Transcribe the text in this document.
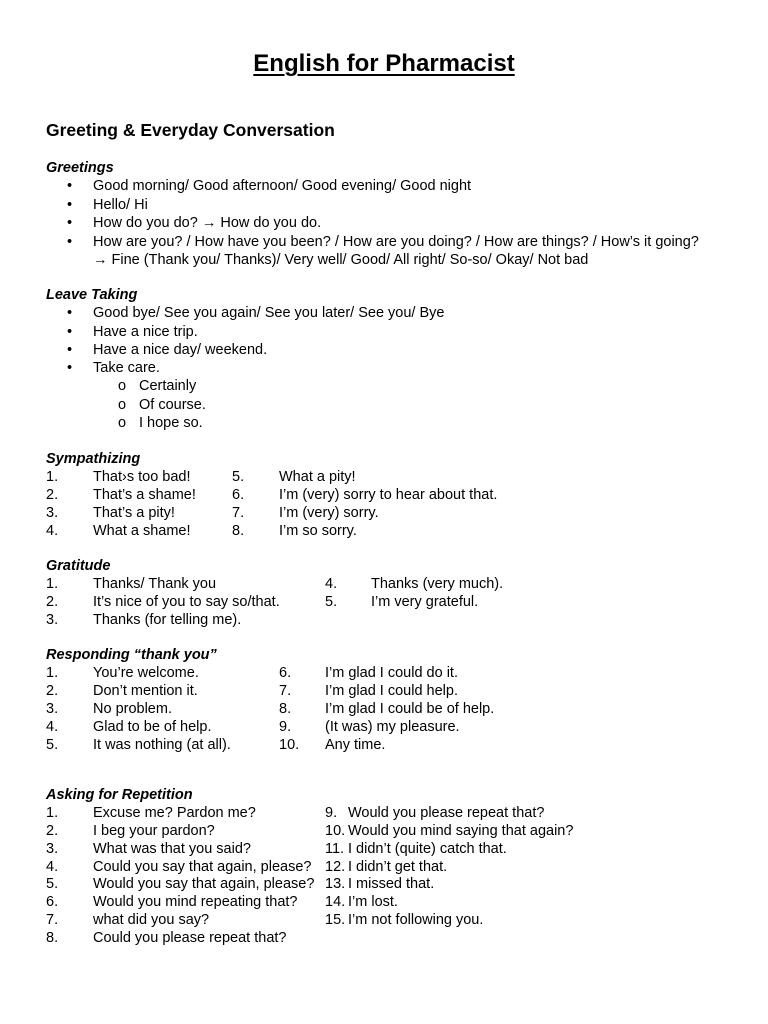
English for Pharmacist
Greeting & Everyday Conversation
Greetings
• Good morning/ Good afternoon/ Good evening/ Good night
• Hello/ Hi
• How do you do? → How do you do.
• How are you? / How have you been? / How are you doing? / How are things? / How’s it going?
→ Fine (Thank you/ Thanks)/ Very well/ Good/ All right/ So-so/ Okay/ Not bad
Leave Taking
• Good bye/ See you again/ See you later/ See you/ Bye
• Have a nice trip.
• Have a nice day/ weekend.
• Take care.
o Certainly
o Of course.
o I hope so.
Sympathizing
1. That›s too bad!	5. What a pity!
2. That’s a shame! 6. I’m (very) sorry to hear about that.
3. That’s a pity!	7. I’m (very) sorry.
4. What a shame!	8. I’m so sorry.
Gratitude
1. Thanks/ Thank you	4. Thanks (very much).
2. It’s nice of you to say so/that.	5. I’m very grateful.
3. Thanks (for telling me).
Responding “thank you”
1. You’re welcome.	6. I’m glad I could do it.
2. Don’t mention it.	7. I’m glad I could help.
3. No problem.	8. I’m glad I could be of help.
4. Glad to be of help.	9. (It was) my pleasure.
5. It was nothing (at all).	10. Any time.
Asking for Repetition
1. Excuse me? Pardon me?	9. Would you please repeat that?
2. I beg your pardon?	10. Would you mind saying that again?
3. What was that you said?	11. I didn’t (quite) catch that.
4. Could you say that again, please? 12. I didn’t get that.
5. Would you say that again, please? 13. I missed that.
6. Would you mind repeating that? 14. I’m lost.
7. what did you say?	15. I’m not following you.
8. Could you please repeat that?
